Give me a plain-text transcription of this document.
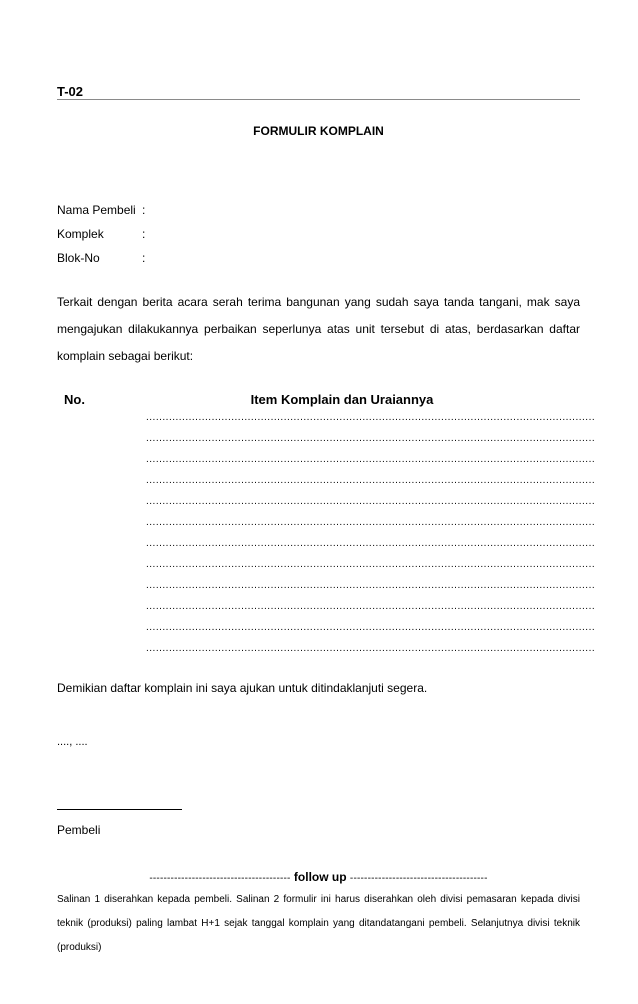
T-02
FORMULIR KOMPLAIN
Nama Pembeli :
Komplek	:
Blok-No	:
Terkait dengan berita acara serah terima bangunan yang sudah saya tanda tangani, mak saya mengajukan dilakukannya perbaikan seperlunya atas unit tersebut di atas, berdasarkan daftar komplain sebagai berikut:
No.	Item Komplain dan Uraiannya
.........................................................................................................................................
.........................................................................................................................................
.........................................................................................................................................
.........................................................................................................................................
.........................................................................................................................................
.........................................................................................................................................
.........................................................................................................................................
.........................................................................................................................................
.........................................................................................................................................
.........................................................................................................................................
.........................................................................................................................................
.........................................................................................................................................
Demikian daftar komplain ini saya ajukan untuk ditindaklanjuti segera.
...., ....
Pembeli
---------------------------------------- follow up ---------------------------------------
Salinan 1 diserahkan kepada pembeli. Salinan 2 formulir ini harus diserahkan oleh divisi pemasaran kepada divisi teknik (produksi) paling lambat H+1 sejak tanggal komplain yang ditandatangani pembeli. Selanjutnya divisi teknik (produksi)
